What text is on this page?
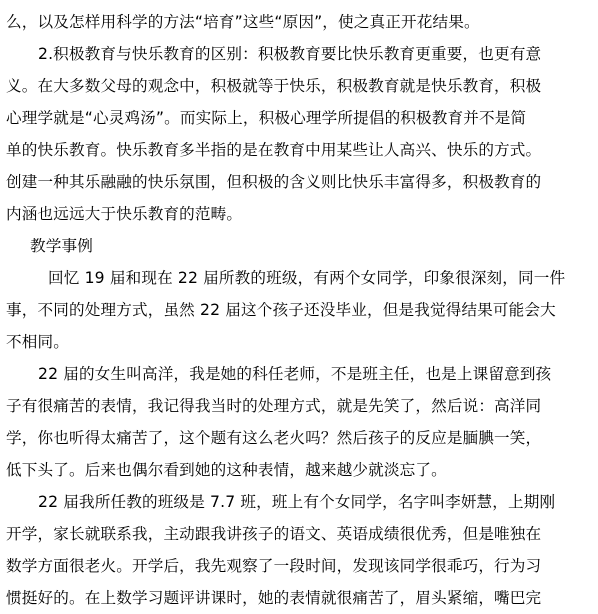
么，以及怎样用科学的方法“培育”这些“原因”，使之真正开花结果。
2.积极教育与快乐教育的区别：积极教育要比快乐教育更重要，也更有意
义。在大多数父母的观念中，积极就等于快乐，积极教育就是快乐教育，积极
心理学就是“心灵鸡汤”。而实际上，积极心理学所提倡的积极教育并不是简
单的快乐教育。快乐教育多半指的是在教育中用某些让人高兴、快乐的方式。
创建一种其乐融融的快乐氛围，但积极的含义则比快乐丰富得多，积极教育的
内涵也远远大于快乐教育的范畴。
教学事例
回忆 19 届和现在 22 届所教的班级，有两个女同学，印象很深刻，同一件
事，不同的处理方式，虽然 22 届这个孩子还没毕业，但是我觉得结果可能会大
不相同。
22 届的女生叫高洋，我是她的科任老师，不是班主任，也是上课留意到孩
子有很痛苦的表情，我记得我当时的处理方式，就是先笑了，然后说：高洋同
学，你也听得太痛苦了，这个题有这么老火吗？然后孩子的反应是腼腆一笑，
低下头了。后来也偶尔看到她的这种表情，越来越少就淡忘了。
22 届我所任教的班级是 7.7 班，班上有个女同学，名字叫李妍慧，上期刚
开学，家长就联系我，主动跟我讲孩子的语文、英语成绩很优秀，但是唯独在
数学方面很老火。开学后，我先观察了一段时间，发现该同学很乖巧，行为习
惯挺好的。在上数学习题评讲课时，她的表情就很痛苦了，眉头紧缩，嘴巴完
